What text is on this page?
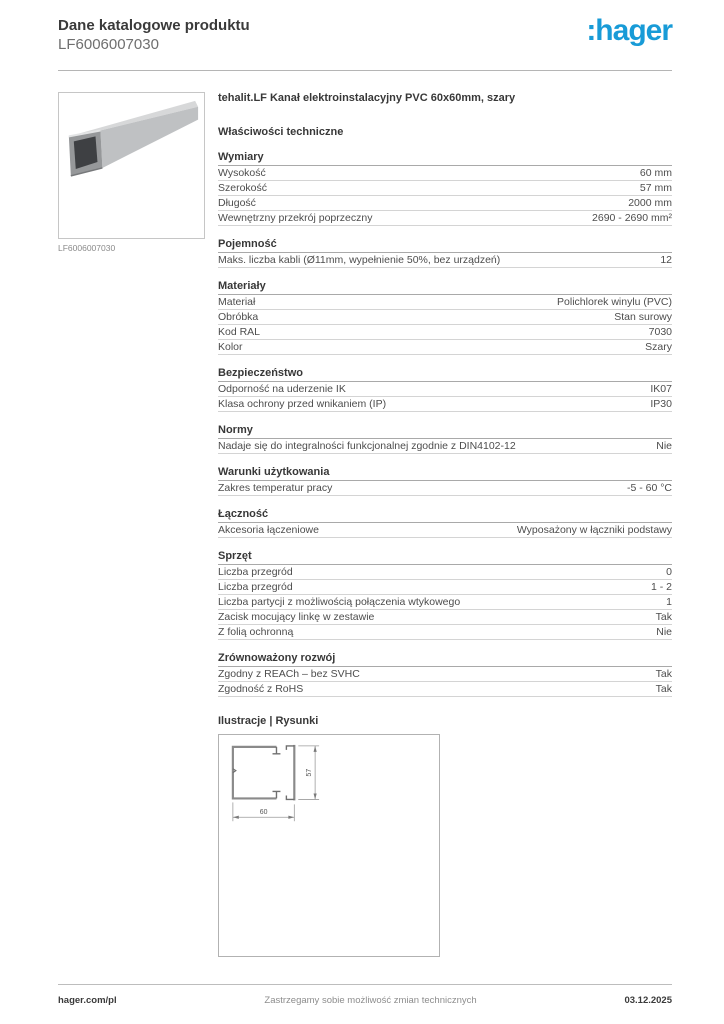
Dane katalogowe produktu
LF6006007030	:hager
LF6006007030
tehalit.LF Kanał elektroinstalacyjny PVC 60x60mm, szary
Właściwości techniczne
Wymiary
Wysokość	60 mm
Szerokość	57 mm
Długość	2000 mm
Wewnętrzny przekrój poprzeczny	2690 - 2690 mm²
Pojemność
Maks. liczba kabli (Ø11mm, wypełnienie 50%, bez urządzeń)	12
Materiały
Materiał	Polichlorek winylu (PVC)
Obróbka	Stan surowy
Kod RAL	7030
Kolor	Szary
Bezpieczeństwo
Odporność na uderzenie IK	IK07
Klasa ochrony przed wnikaniem (IP)	IP30
Normy
Nadaje się do integralności funkcjonalnej zgodnie z DIN4102-12	Nie
Warunki użytkowania
Zakres temperatur pracy	-5 - 60 °C
Łączność
Akcesoria łączeniowe	Wyposażony w łączniki podstawy
Sprzęt
Liczba przegród	0
Liczba przegród	1 - 2
Liczba partycji z możliwością połączenia wtykowego	1
Zacisk mocujący linkę w zestawie	Tak
Z folią ochronną	Nie
Zrównoważony rozwój
Zgodny z REACh – bez SVHC	Tak
Zgodność z RoHS	Tak
Ilustracje | Rysunki
60
57
hager.com/pl	Zastrzegamy sobie możliwość zmian technicznych	03.12.2025
